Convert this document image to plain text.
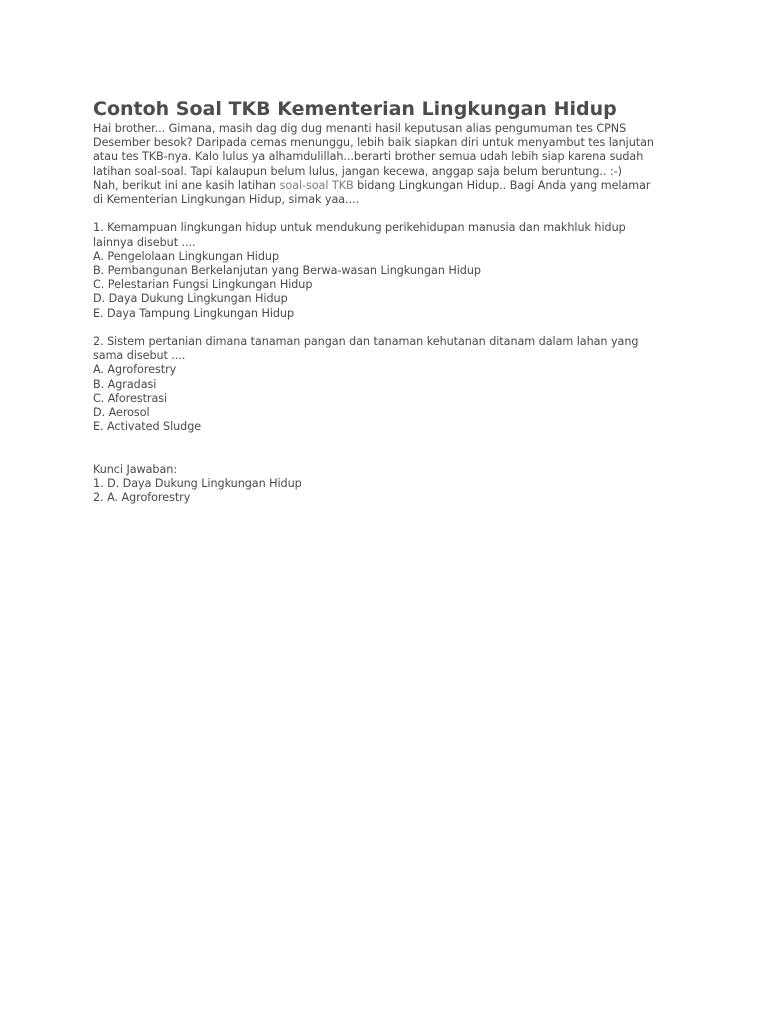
Contoh Soal TKB Kementerian Lingkungan Hidup
Hai brother... Gimana, masih dag dig dug menanti hasil keputusan alias pengumuman tes CPNS
Desember besok? Daripada cemas menunggu, lebih baik siapkan diri untuk menyambut tes lanjutan
atau tes TKB-nya. Kalo lulus ya alhamdulillah...berarti brother semua udah lebih siap karena sudah
latihan soal-soal. Tapi kalaupun belum lulus, jangan kecewa, anggap saja belum beruntung.. :-)
Nah, berikut ini ane kasih latihan soal-soal TKB bidang Lingkungan Hidup.. Bagi Anda yang melamar
di Kementerian Lingkungan Hidup, simak yaa....
1. Kemampuan lingkungan hidup untuk mendukung perikehidupan manusia dan makhluk hidup
lainnya disebut ....
A. Pengelolaan Lingkungan Hidup
B. Pembangunan Berkelanjutan yang Berwa-wasan Lingkungan Hidup
C. Pelestarian Fungsi Lingkungan Hidup
D. Daya Dukung Lingkungan Hidup
E. Daya Tampung Lingkungan Hidup
2. Sistem pertanian dimana tanaman pangan dan tanaman kehutanan ditanam dalam lahan yang
sama disebut ....
A. Agroforestry
B. Agradasi
C. Aforestrasi
D. Aerosol
E. Activated Sludge
Kunci Jawaban:
1. D. Daya Dukung Lingkungan Hidup
2. A. Agroforestry
